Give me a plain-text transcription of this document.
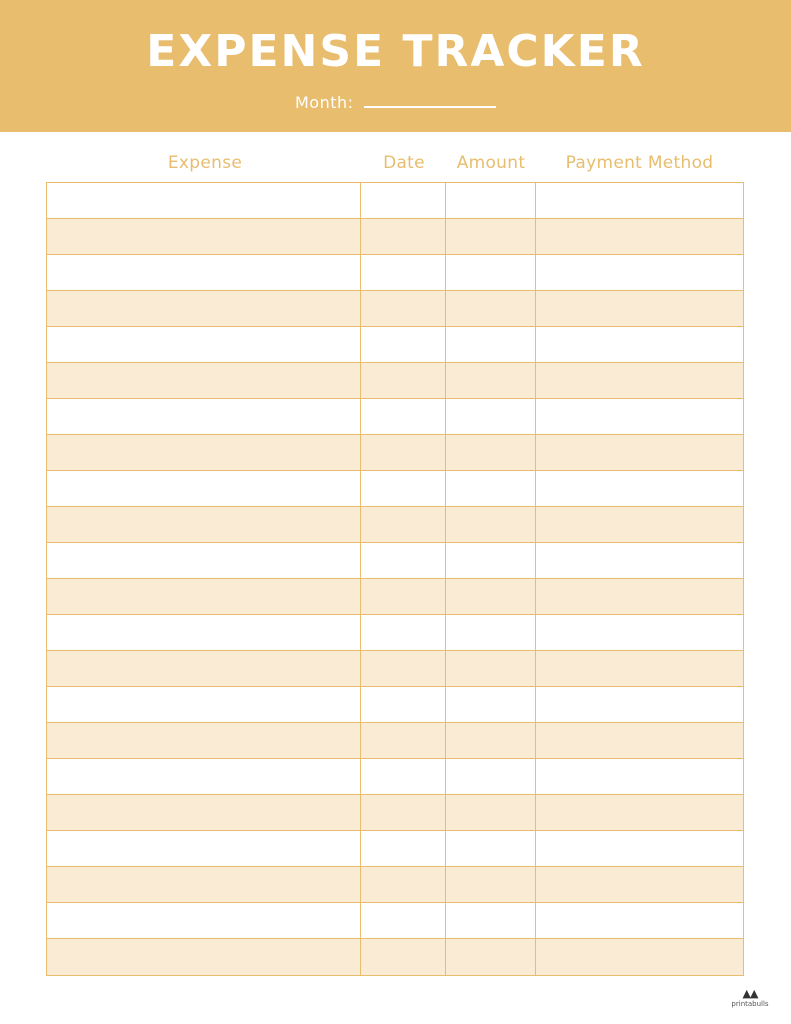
EXPENSE TRACKER
Month:
Expense	Date	Amount	Payment Method
▲▲
printabulls
